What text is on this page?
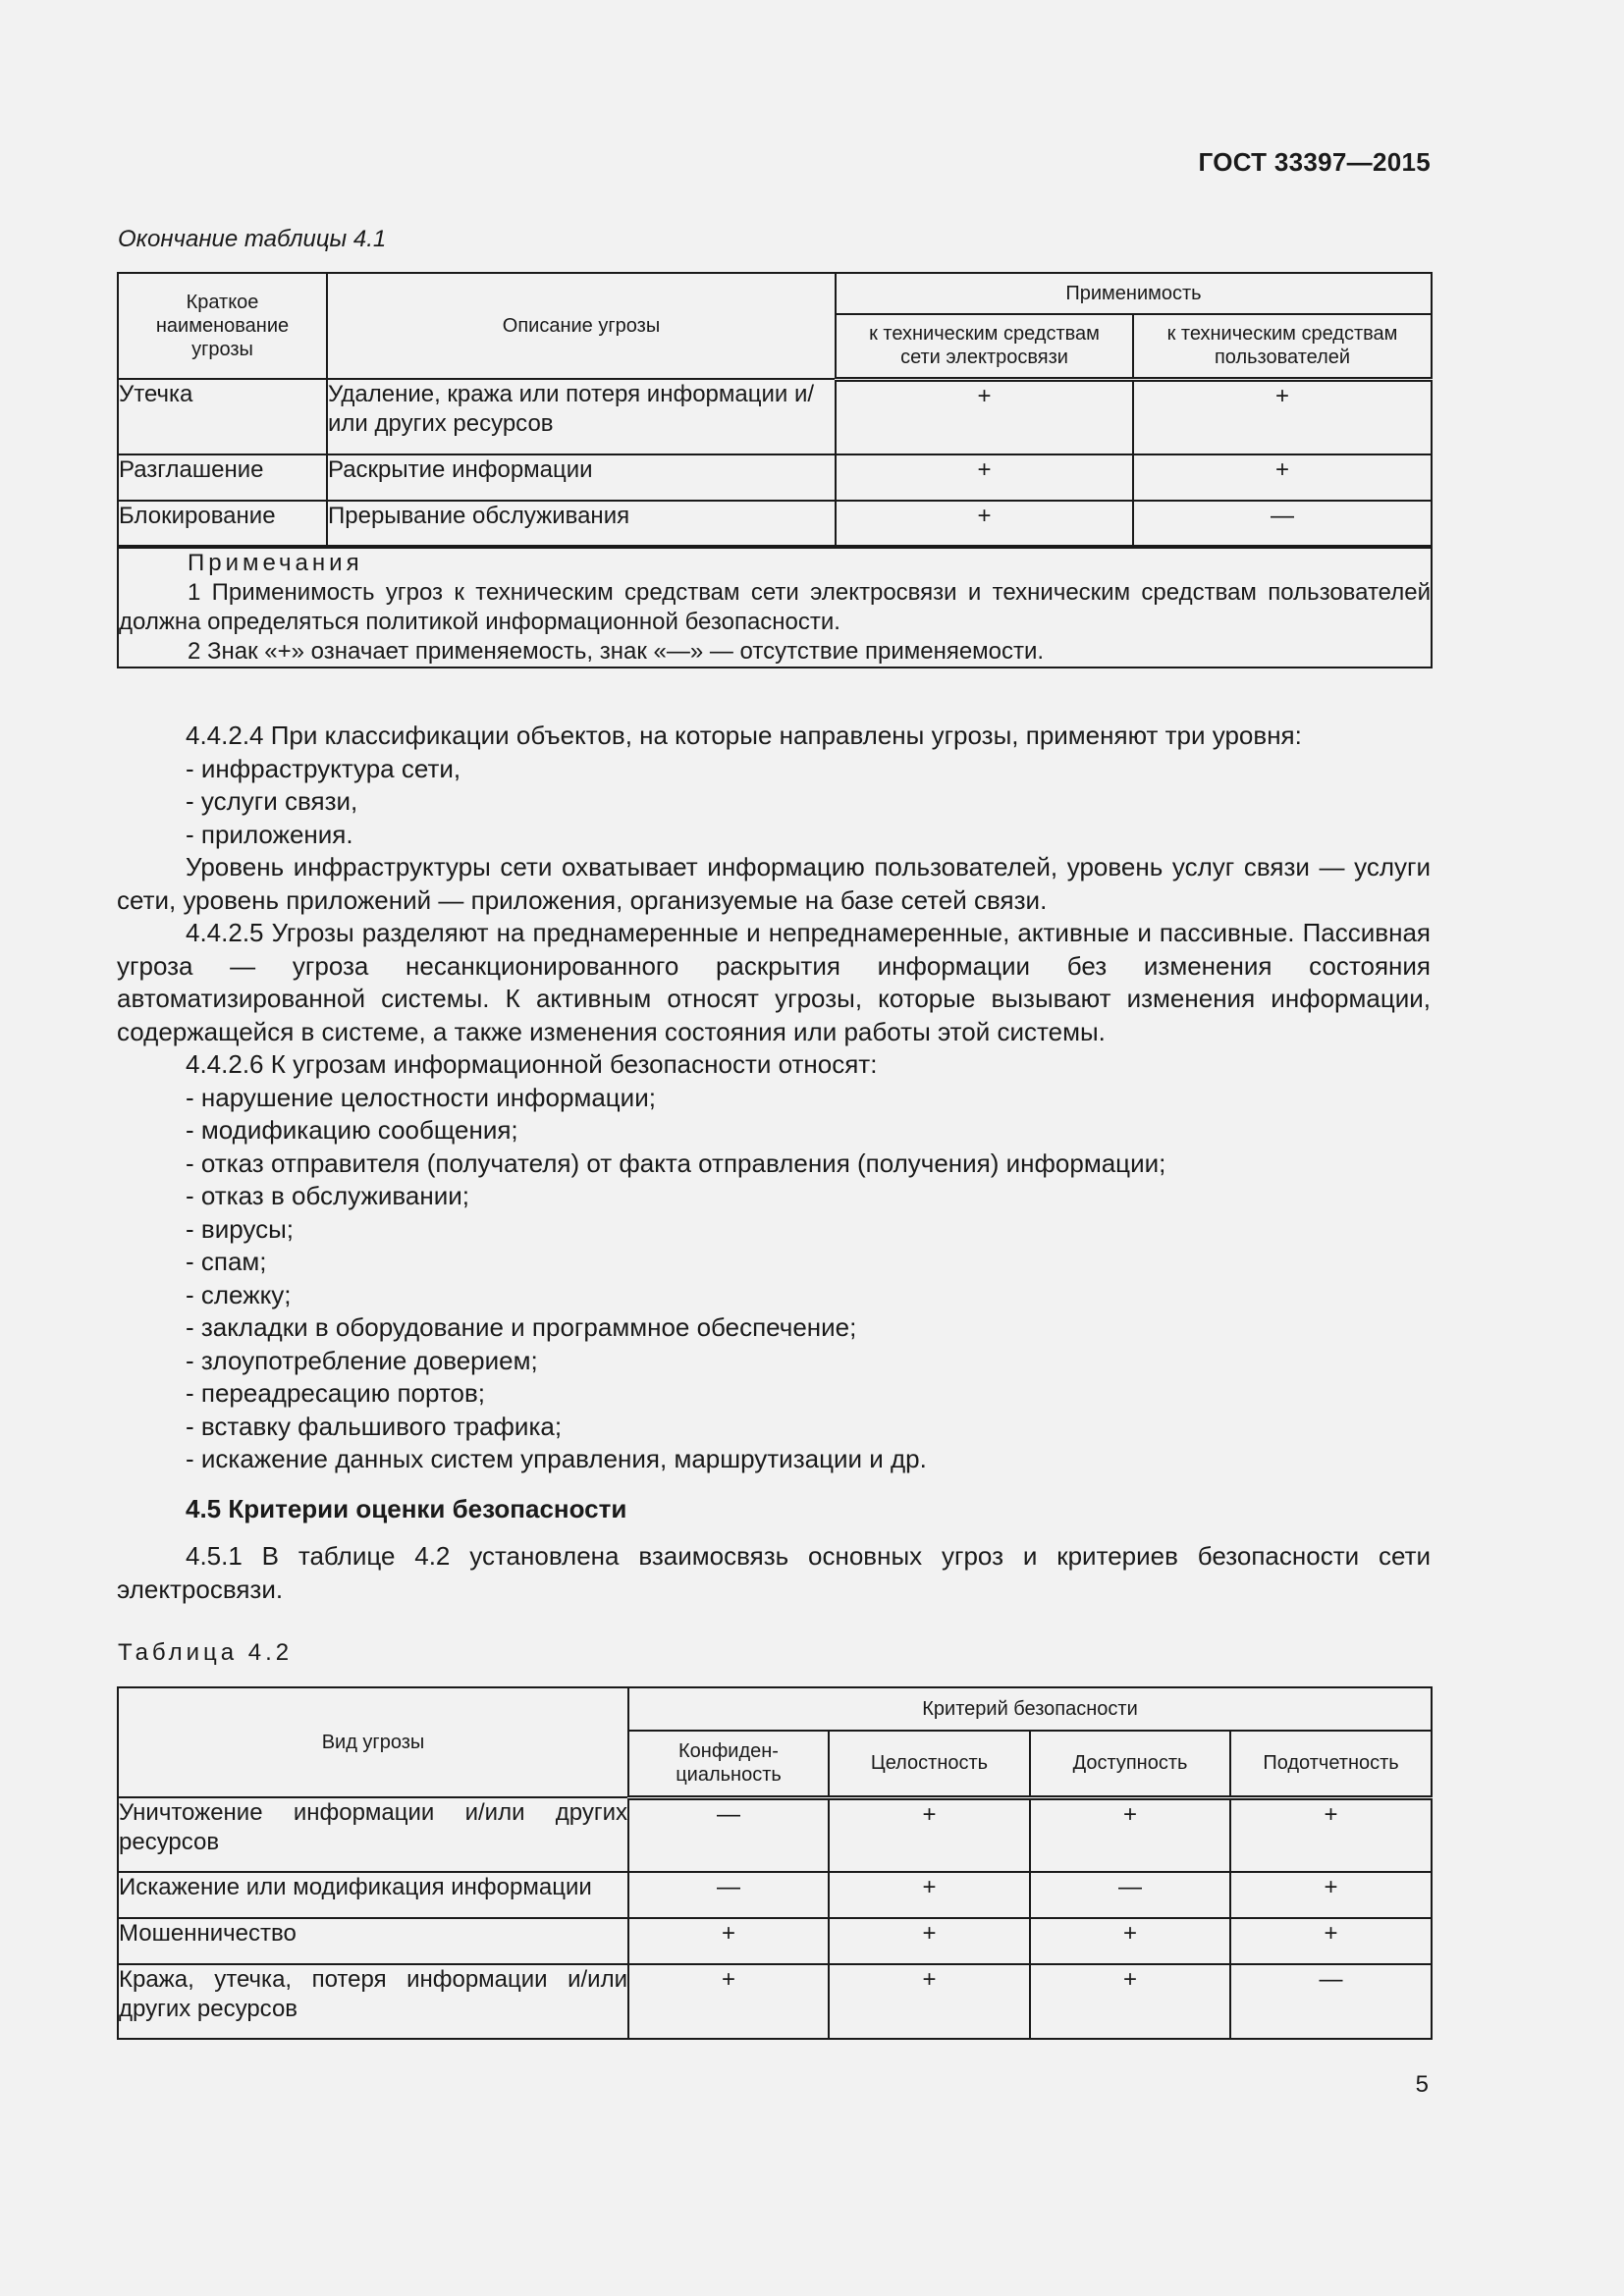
ГОСТ 33397—2015
Окончание таблицы 4.1
Краткое наименование угрозы	Описание угрозы	Применимость	
		к техническим средствам сети электросвязи	к техническим средствам пользователей
Утечка	Удаление, кража или потеря информации и/или других ресурсов	+	+
Разглашение	Раскрытие информации	+	+
Блокирование	Прерывание обслуживания	+	—

Примечания
1 Применимость угроз к техническим средствам сети электросвязи и техническим средствам пользователей должна определяться политикой информационной безопасности.
2 Знак «+» означает применяемость, знак «—» — отсутствие применяемости.			

4.4.2.4 При классификации объектов, на которые направлены угрозы, применяют три уровня:

- инфраструктура сети,

- услуги связи,

- приложения.

Уровень инфраструктуры сети охватывает информацию пользователей, уровень услуг связи — услуги сети, уровень приложений — приложения, организуемые на базе сетей связи.

4.4.2.5 Угрозы разделяют на преднамеренные и непреднамеренные, активные и пассивные. Пассивная угроза — угроза несанкционированного раскрытия информации без изменения состояния автоматизированной системы. К активным относят угрозы, которые вызывают изменения информации, содержащейся в системе, а также изменения состояния или работы этой системы.

4.4.2.6 К угрозам информационной безопасности относят:

- нарушение целостности информации;

- модификацию сообщения;

- отказ отправителя (получателя) от факта отправления (получения) информации;

- отказ в обслуживании;

- вирусы;

- спам;

- слежку;

- закладки в оборудование и программное обеспечение;

- злоупотребление доверием;

- переадресацию портов;

- вставку фальшивого трафика;

- искажение данных систем управления, маршрутизации и др.

4.5 Критерии оценки безопасности

4.5.1 В таблице 4.2 установлена взаимосвязь основных угроз и критериев безопасности сети электросвязи.

Таблица 4.2
Вид угрозы	Критерий безопасности			
	Конфиден-циальность	Целостность	Доступность	Подотчетность
Уничтожение информации и/или других ресурсов	—	+	+	+
Искажение или модификация информации	—	+	—	+
Мошенничество	+	+	+	+
Кража, утечка, потеря информации и/или других ресурсов	+	+	+	—
5
